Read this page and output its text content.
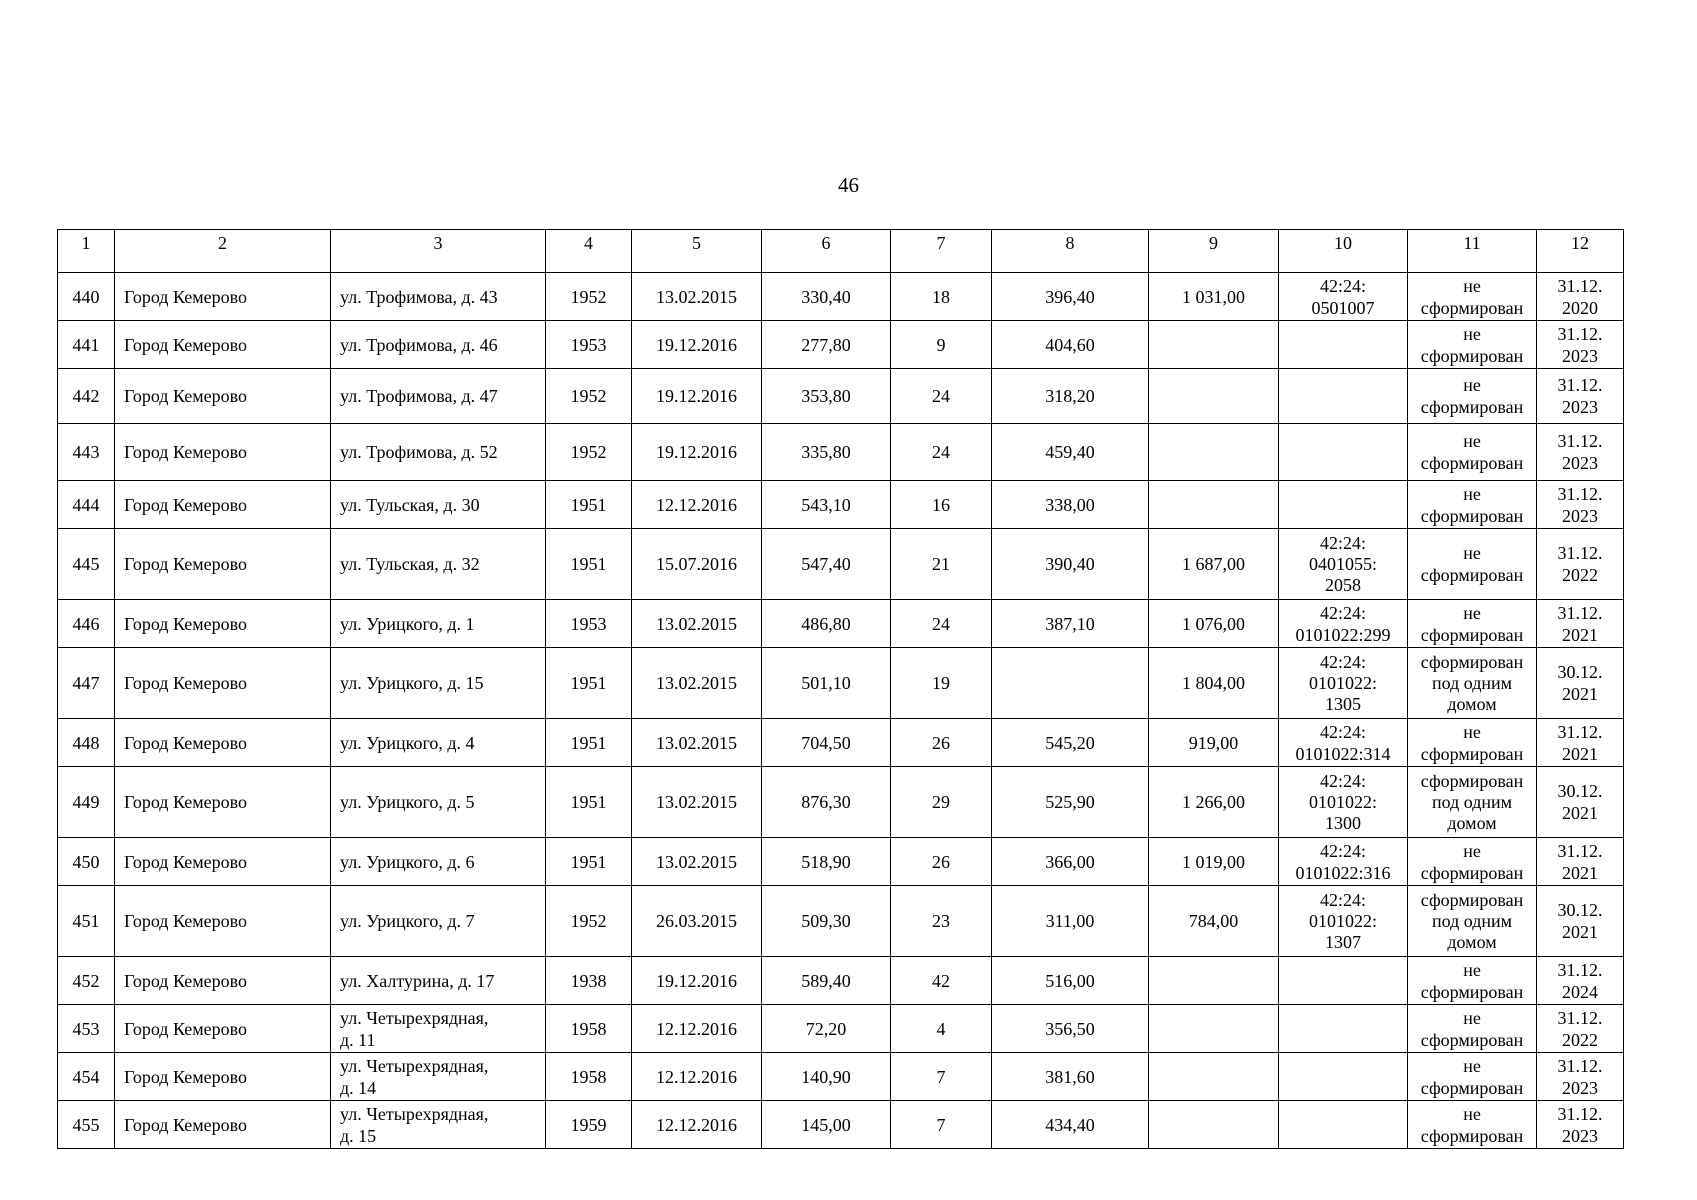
46
1	2	3	4	5	6	7	8	9	10	11	12

440	Город Кемерово	ул. Трофимова, д. 43	1952	13.02.2015	330,40	18	396,40	1 031,00	42:24:
0501007	не
сформирован	31.12.
2020

441	Город Кемерово	ул. Трофимова, д. 46	1953	19.12.2016	277,80	9	404,60			не
сформирован	31.12.
2023

442	Город Кемерово	ул. Трофимова, д. 47	1952	19.12.2016	353,80	24	318,20			не
сформирован	31.12.
2023

443	Город Кемерово	ул. Трофимова, д. 52	1952	19.12.2016	335,80	24	459,40			не
сформирован	31.12.
2023

444	Город Кемерово	ул. Тульская, д. 30	1951	12.12.2016	543,10	16	338,00			не
сформирован	31.12.
2023

445	Город Кемерово	ул. Тульская, д. 32	1951	15.07.2016	547,40	21	390,40	1 687,00	42:24:
0401055:
2058	не
сформирован	31.12.
2022

446	Город Кемерово	ул. Урицкого, д. 1	1953	13.02.2015	486,80	24	387,10	1 076,00	42:24:
0101022:299	не
сформирован	31.12.
2021

447	Город Кемерово	ул. Урицкого, д. 15	1951	13.02.2015	501,10	19		1 804,00	42:24:
0101022:
1305	сформирован
под одним
домом	30.12.
2021

448	Город Кемерово	ул. Урицкого, д. 4	1951	13.02.2015	704,50	26	545,20	919,00	42:24:
0101022:314	не
сформирован	31.12.
2021

449	Город Кемерово	ул. Урицкого, д. 5	1951	13.02.2015	876,30	29	525,90	1 266,00	42:24:
0101022:
1300	сформирован
под одним
домом	30.12.
2021

450	Город Кемерово	ул. Урицкого, д. 6	1951	13.02.2015	518,90	26	366,00	1 019,00	42:24:
0101022:316	не
сформирован	31.12.
2021

451	Город Кемерово	ул. Урицкого, д. 7	1952	26.03.2015	509,30	23	311,00	784,00	42:24:
0101022:
1307	сформирован
под одним
домом	30.12.
2021

452	Город Кемерово	ул. Халтурина, д. 17	1938	19.12.2016	589,40	42	516,00			не
сформирован	31.12.
2024

453	Город Кемерово	ул. Четырехрядная,
д. 11	1958	12.12.2016	72,20	4	356,50			не
сформирован	31.12.
2022

454	Город Кемерово	ул. Четырехрядная,
д. 14	1958	12.12.2016	140,90	7	381,60			не
сформирован	31.12.
2023

455	Город Кемерово	ул. Четырехрядная,
д. 15	1959	12.12.2016	145,00	7	434,40			не
сформирован	31.12.
2023
